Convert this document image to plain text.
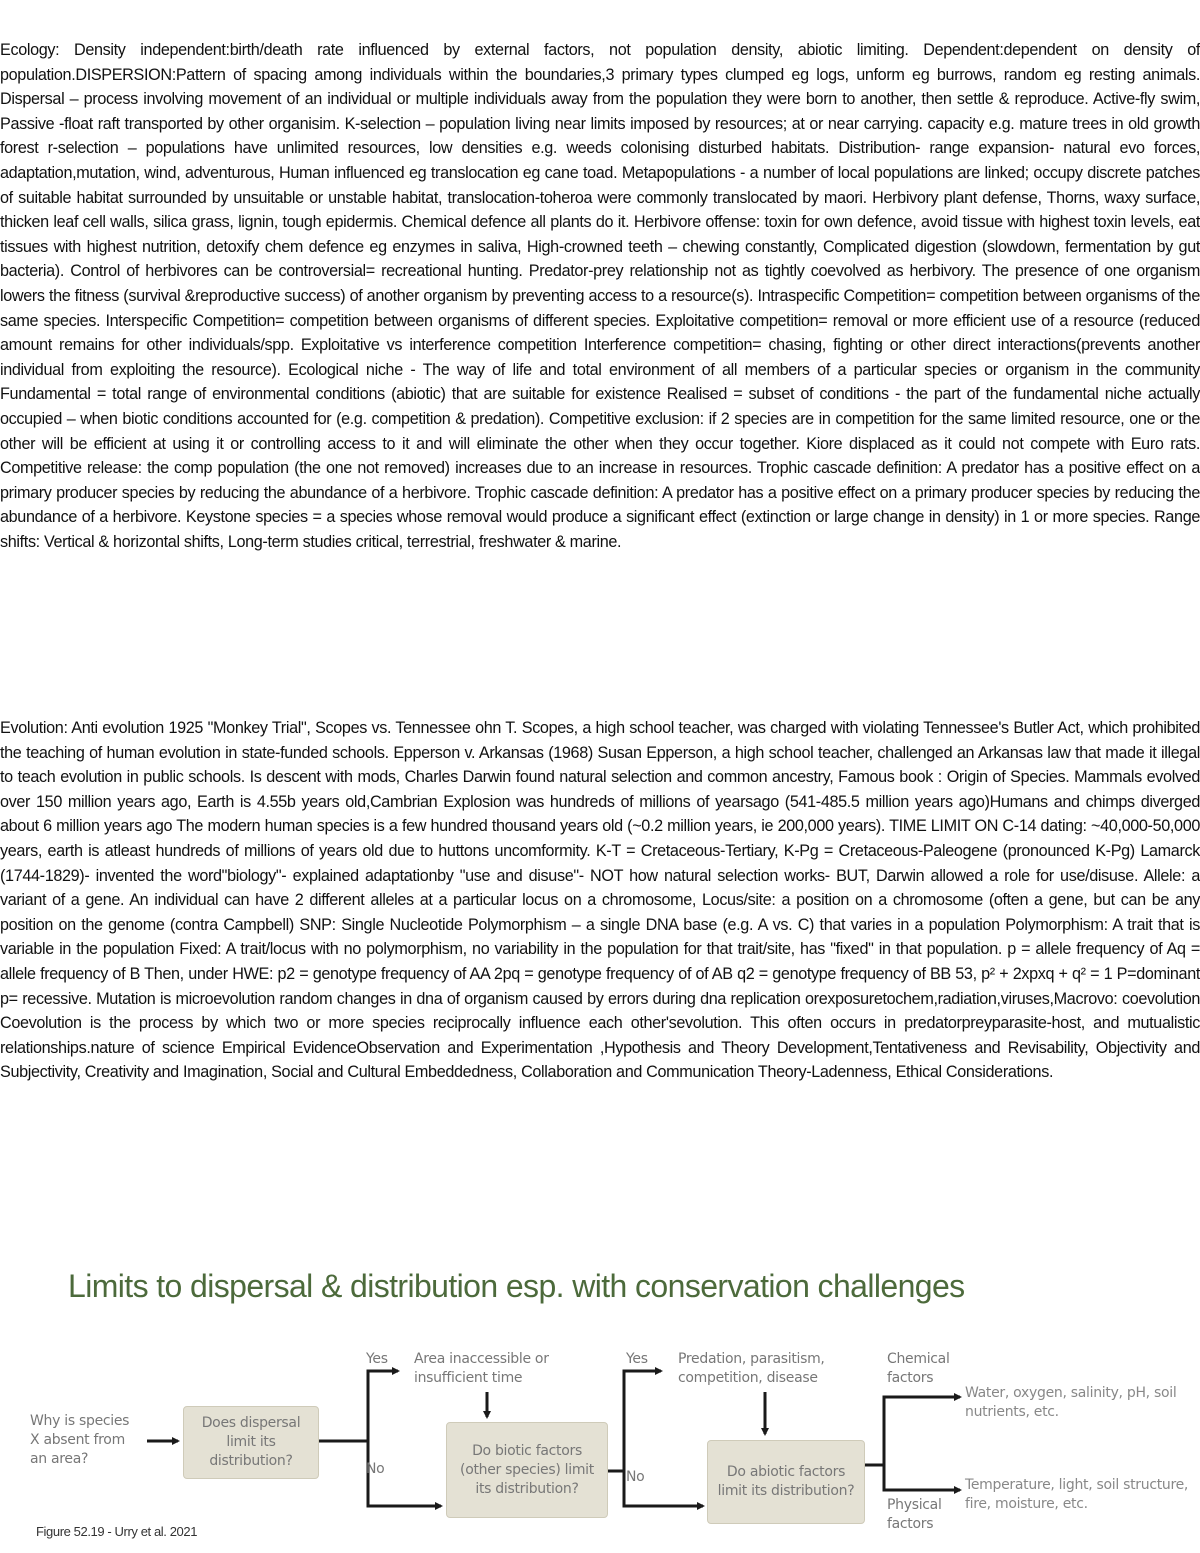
Ecology: Density independent:birth/death rate influenced by external factors, not population density, abiotic limiting. Dependent:dependent on density of population.DISPERSION:Pattern of spacing among individuals within the boundaries,3 primary types clumped eg logs, unform eg burrows, random eg resting animals. Dispersal – process involving movement of an individual or multiple individuals away from the population they were born to another, then settle & reproduce. Active-fly swim, Passive -float raft transported by other organisim. K-selection – population living near limits imposed by resources; at or near carrying. capacity e.g. mature trees in old growth forest r-selection – populations have unlimited resources, low densities e.g. weeds colonising disturbed habitats. Distribution- range expansion- natural evo forces, adaptation,mutation, wind, adventurous, Human influenced eg translocation eg cane toad. Metapopulations - a number of local populations are linked; occupy discrete patches of suitable habitat surrounded by unsuitable or unstable habitat, translocation-toheroa were commonly translocated by maori. Herbivory plant defense, Thorns, waxy surface, thicken leaf cell walls, silica grass, lignin, tough epidermis. Chemical defence all plants do it. Herbivore offense: toxin for own defence, avoid tissue with highest toxin levels, eat tissues with highest nutrition, detoxify chem defence eg enzymes in saliva, High-crowned teeth – chewing constantly, Complicated digestion (slowdown, fermentation by gut bacteria). Control of herbivores can be controversial= recreational hunting. Predator-prey relationship not as tightly coevolved as herbivory. The presence of one organism lowers the fitness (survival &reproductive success) of another organism by preventing access to a resource(s). Intraspecific Competition= competition between organisms of the same species. Interspecific Competition= competition between organisms of different species. Exploitative competition= removal or more efficient use of a resource (reduced amount remains for other individuals/spp. Exploitative vs interference competition Interference competition= chasing, fighting or other direct interactions(prevents another individual from exploiting the resource). Ecological niche - The way of life and total environment of all members of a particular species or organism in the community Fundamental = total range of environmental conditions (abiotic) that are suitable for existence Realised = subset of conditions - the part of the fundamental niche actually occupied – when biotic conditions accounted for (e.g. competition & predation). Competitive exclusion: if 2 species are in competition for the same limited resource, one or the other will be efficient at using it or controlling access to it and will eliminate the other when they occur together. Kiore displaced as it could not compete with Euro rats. Competitive release: the comp population (the one not removed) increases due to an increase in resources. Trophic cascade definition: A predator has a positive effect on a primary producer species by reducing the abundance of a herbivore. Trophic cascade definition: A predator has a positive effect on a primary producer species by reducing the abundance of a herbivore. Keystone species = a species whose removal would produce a significant effect (extinction or large change in density) in 1 or more species. Range shifts: Vertical & horizontal shifts, Long-term studies critical, terrestrial, freshwater & marine.

Evolution: Anti evolution 1925 "Monkey Trial", Scopes vs. Tennessee ohn T. Scopes, a high school teacher, was charged with violating Tennessee's Butler Act, which prohibited the teaching of human evolution in state-funded schools. Epperson v. Arkansas (1968) Susan Epperson, a high school teacher, challenged an Arkansas law that made it illegal to teach evolution in public schools. Is descent with mods, Charles Darwin found natural selection and common ancestry, Famous book : Origin of Species. Mammals evolved over 150 million years ago, Earth is 4.55b years old,Cambrian Explosion was hundreds of millions of yearsago (541-485.5 million years ago)Humans and chimps diverged about 6 million years ago The modern human species is a few hundred thousand years old (~0.2 million years, ie 200,000 years). TIME LIMIT ON C-14 dating: ~40,000-50,000 years, earth is atleast hundreds of millions of years old due to huttons uncomformity. K-T = Cretaceous-Tertiary, K-Pg = Cretaceous-Paleogene (pronounced K-Pg) Lamarck (1744-1829)- invented the word"biology"- explained adaptationby "use and disuse"- NOT how natural selection works- BUT, Darwin allowed a role for use/disuse. Allele: a variant of a gene. An individual can have 2 different alleles at a particular locus on a chromosome, Locus/site: a position on a chromosome (often a gene, but can be any position on the genome (contra Campbell) SNP: Single Nucleotide Polymorphism – a single DNA base (e.g. A vs. C) that varies in a population Polymorphism: A trait that is variable in the population Fixed: A trait/locus with no polymorphism, no variability in the population for that trait/site, has "fixed" in that population. p = allele frequency of Aq = allele frequency of B Then, under HWE: p2 = genotype frequency of AA 2pq = genotype frequency of of AB q2 = genotype frequency of BB 53, p² + 2xpxq + q² = 1 P=dominant p= recessive. Mutation is microevolution random changes in dna of organism caused by errors during dna replication orexposuretochem,radiation,viruses,Macrovo: coevolution Coevolution is the process by which two or more species reciprocally influence each other'sevolution. This often occurs in predatorpreyparasite-host, and mutualistic relationships.nature of science Empirical EvidenceObservation and Experimentation ,Hypothesis and Theory Development,Tentativeness and Revisability, Objectivity and Subjectivity, Creativity and Imagination, Social and Cultural Embeddedness, Collaboration and Communication Theory-Ladenness, Ethical Considerations.

Limits to dispersal & distribution esp. with conservation challenges
Why is species X absent from an area?
Does dispersal limit its distribution?
Yes
No
Area inaccessible or insufficient time
Do biotic factors (other species) limit its distribution?
Yes
No
Predation, parasitism, competition, disease
Do abiotic factors limit its distribution?
Chemical factors
Water, oxygen, salinity, pH, soil nutrients, etc.
Physical factors
Temperature, light, soil structure, fire, moisture, etc.
Figure 52.19 - Urry et al. 2021
